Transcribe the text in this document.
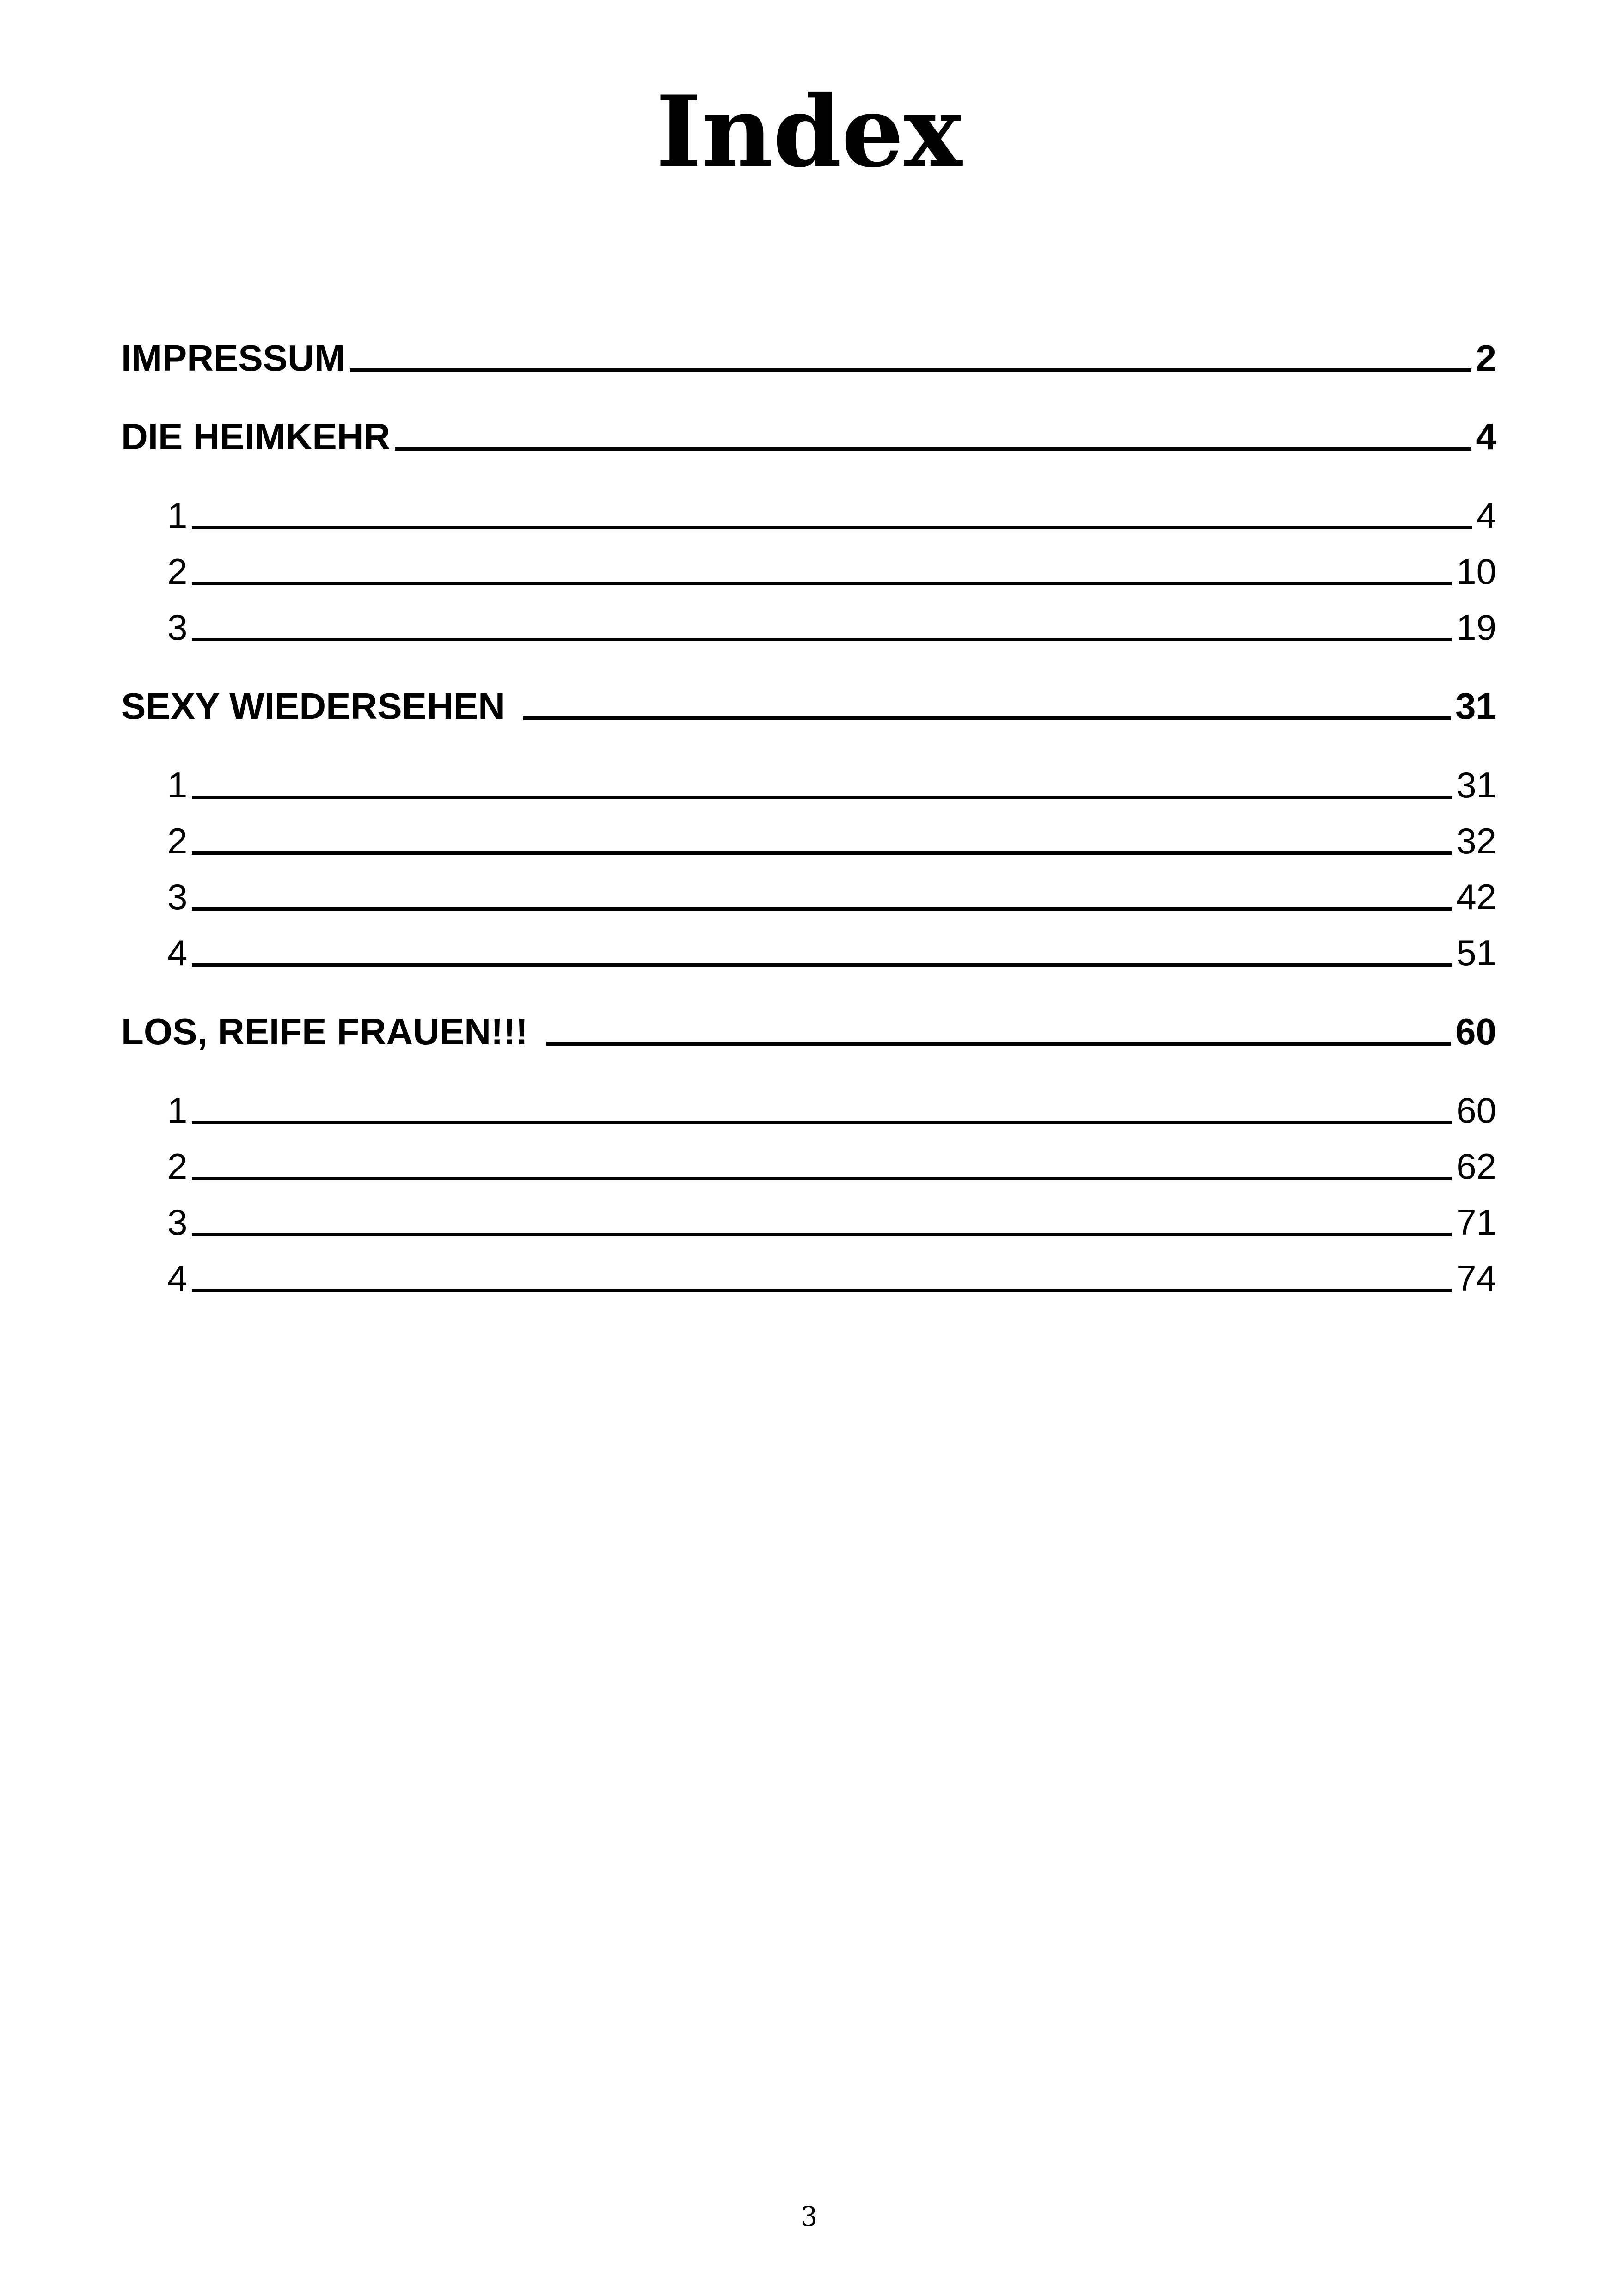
Index
IMPRESSUM	2
DIE HEIMKEHR	4
1	4
2	10
3	19
SEXY WIEDERSEHEN	31
1	31
2	32
3	42
4	51
LOS, REIFE FRAUEN!!!	60
1	60
2	62
3	71
4	74
3
